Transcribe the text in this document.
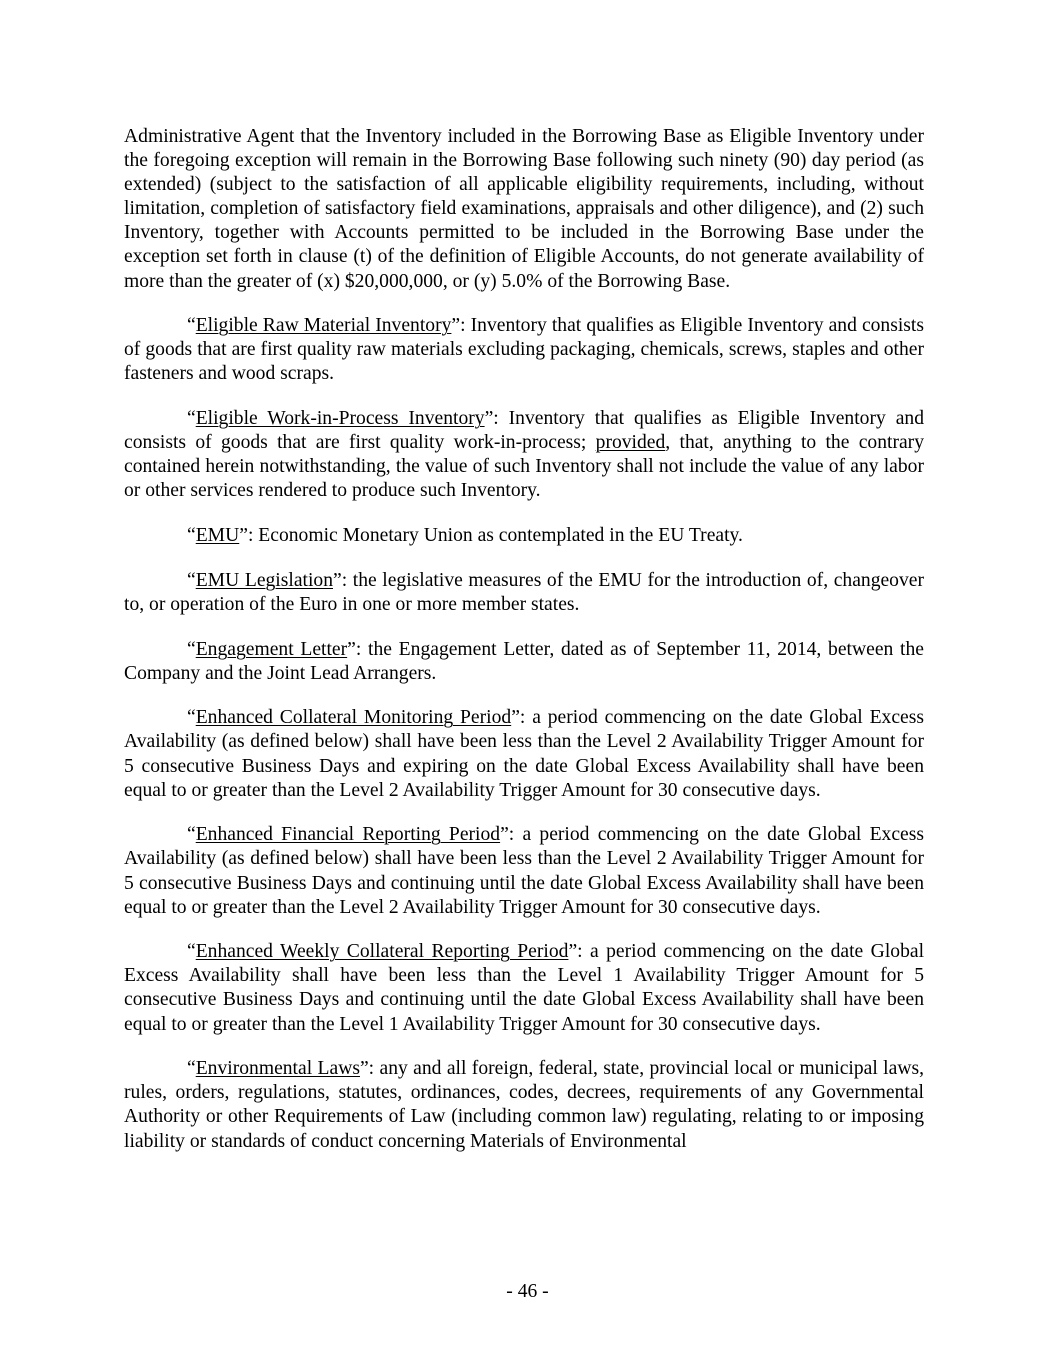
Administrative Agent that the Inventory included in the Borrowing Base as Eligible Inventory under the foregoing exception will remain in the Borrowing Base following such ninety (90) day period (as extended) (subject to the satisfaction of all applicable eligibility requirements, including, without limitation, completion of satisfactory field examinations, appraisals and other diligence), and (2) such Inventory, together with Accounts permitted to be included in the Borrowing Base under the exception set forth in clause (t) of the definition of Eligible Accounts, do not generate availability of more than the greater of (x) $20,000,000, or (y) 5.0% of the Borrowing Base.

“Eligible Raw Material Inventory”: Inventory that qualifies as Eligible Inventory and consists of goods that are first quality raw materials excluding packaging, chemicals, screws, staples and other fasteners and wood scraps.

“Eligible Work-in-Process Inventory”: Inventory that qualifies as Eligible Inventory and consists of goods that are first quality work-in-process; provided, that, anything to the contrary contained herein notwithstanding, the value of such Inventory shall not include the value of any labor or other services rendered to produce such Inventory.

“EMU”: Economic Monetary Union as contemplated in the EU Treaty.

“EMU Legislation”: the legislative measures of the EMU for the introduction of, changeover to, or operation of the Euro in one or more member states.

“Engagement Letter”: the Engagement Letter, dated as of September 11, 2014, between the Company and the Joint Lead Arrangers.

“Enhanced Collateral Monitoring Period”: a period commencing on the date Global Excess Availability (as defined below) shall have been less than the Level 2 Availability Trigger Amount for 5 consecutive Business Days and expiring on the date Global Excess Availability shall have been equal to or greater than the Level 2 Availability Trigger Amount for 30 consecutive days.

“Enhanced Financial Reporting Period”: a period commencing on the date Global Excess Availability (as defined below) shall have been less than the Level 2 Availability Trigger Amount for 5 consecutive Business Days and continuing until the date Global Excess Availability shall have been equal to or greater than the Level 2 Availability Trigger Amount for 30 consecutive days.

“Enhanced Weekly Collateral Reporting Period”: a period commencing on the date Global Excess Availability shall have been less than the Level 1 Availability Trigger Amount for 5 consecutive Business Days and continuing until the date Global Excess Availability shall have been equal to or greater than the Level 1 Availability Trigger Amount for 30 consecutive days.

“Environmental Laws”: any and all foreign, federal, state, provincial local or municipal laws, rules, orders, regulations, statutes, ordinances, codes, decrees, requirements of any Governmental Authority or other Requirements of Law (including common law) regulating, relating to or imposing liability or standards of conduct concerning Materials of Environmental

- 46 -
